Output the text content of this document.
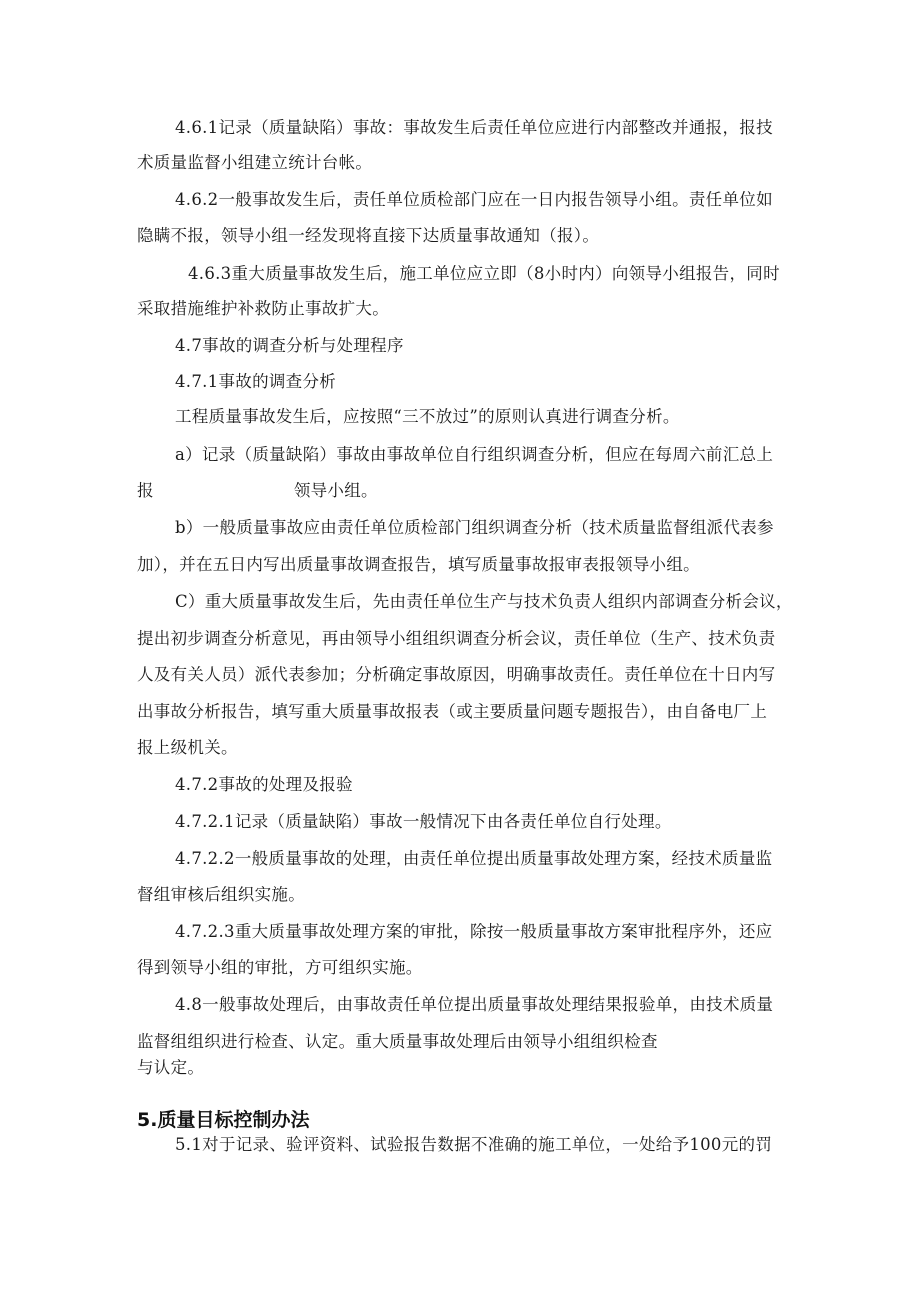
4.6.1记录（质量缺陷）事故：事故发生后责任单位应进行内部整改并通报，报技
术质量监督小组建立统计台帐。
4.6.2一般事故发生后，责任单位质检部门应在一日内报告领导小组。责任单位如
隐瞒不报，领导小组一经发现将直接下达质量事故通知（报）。
4.6.3重大质量事故发生后，施工单位应立即（8小时内）向领导小组报告，同时
采取措施维护补救防止事故扩大。
4.7事故的调查分析与处理程序
4.7.1事故的调查分析
工程质量事故发生后，应按照“三不放过”的原则认真进行调查分析。
a）记录（质量缺陷）事故由事故单位自行组织调查分析，但应在每周六前汇总上
报	领导小组。
b）一般质量事故应由责任单位质检部门组织调查分析（技术质量监督组派代表参
加），并在五日内写出质量事故调查报告，填写质量事故报审表报领导小组。
C）重大质量事故发生后，先由责任单位生产与技术负责人组织内部调查分析会议，
提出初步调查分析意见，再由领导小组组织调查分析会议，责任单位（生产、技术负责
人及有关人员）派代表参加；分析确定事故原因，明确事故责任。责任单位在十日内写
出事故分析报告，填写重大质量事故报表（或主要质量问题专题报告），由自备电厂上
报上级机关。
4.7.2事故的处理及报验
4.7.2.1记录（质量缺陷）事故一般情况下由各责任单位自行处理。
4.7.2.2一般质量事故的处理，由责任单位提出质量事故处理方案，经技术质量监
督组审核后组织实施。
4.7.2.3重大质量事故处理方案的审批，除按一般质量事故方案审批程序外，还应
得到领导小组的审批，方可组织实施。
4.8一般事故处理后，由事故责任单位提出质量事故处理结果报验单，由技术质量
监督组组织进行检查、认定。重大质量事故处理后由领导小组组织检查
与认定。
5.质量目标控制办法
5.1对于记录、验评资料、试验报告数据不准确的施工单位，一处给予100元的罚
